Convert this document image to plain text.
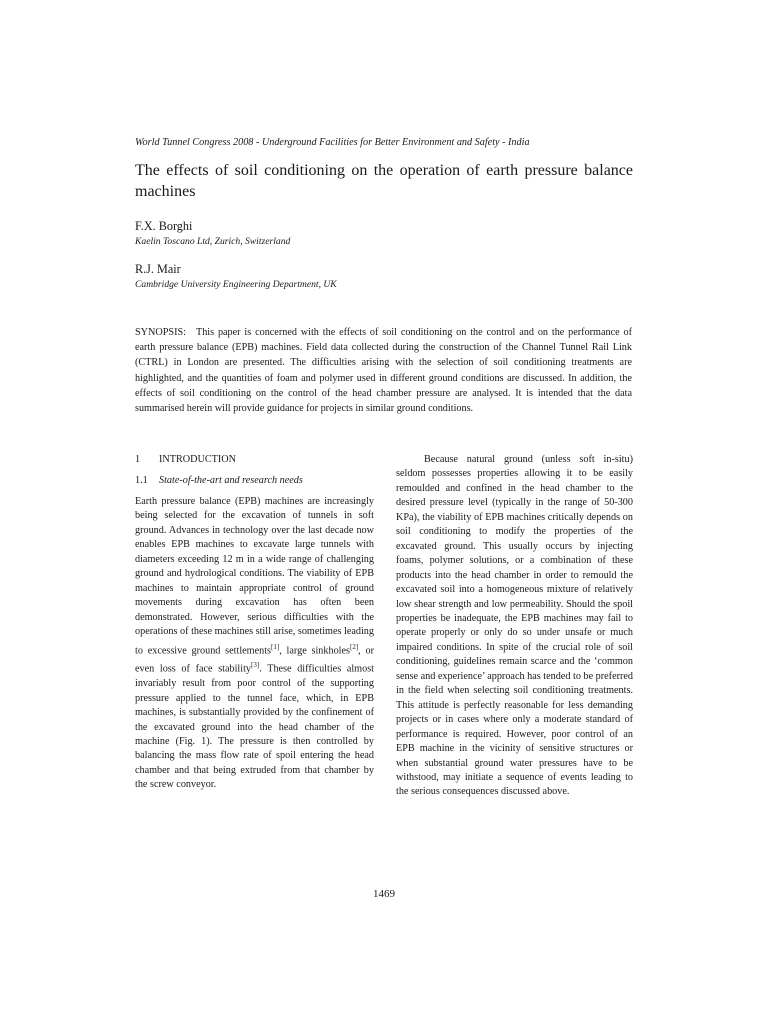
World Tunnel Congress 2008 - Underground Facilities for Better Environment and Safety - India
The effects of soil conditioning on the operation of earth pressure balance machines
F.X. Borghi
Kaelin Toscano Ltd, Zurich, Switzerland
R.J. Mair
Cambridge University Engineering Department, UK
SYNOPSIS: This paper is concerned with the effects of soil conditioning on the control and on the performance of earth pressure balance (EPB) machines. Field data collected during the construction of the Channel Tunnel Rail Link (CTRL) in London are presented. The difficulties arising with the selection of soil conditioning treatments are highlighted, and the quantities of foam and polymer used in different ground conditions are discussed. In addition, the effects of soil conditioning on the control of the head chamber pressure are analysed. It is intended that the data summarised herein will provide guidance for projects in similar ground conditions.
1 INTRODUCTION
1.1 State-of-the-art and research needs

Earth pressure balance (EPB) machines are increasingly being selected for the excavation of tunnels in soft ground. Advances in technology over the last decade now enables EPB machines to excavate large tunnels with diameters exceeding 12 m in a wide range of challenging ground and hydrological conditions. The viability of EPB machines to maintain appropriate control of ground movements during excavation has often been demonstrated. However, serious difficulties with the operations of these machines still arise, sometimes leading to excessive ground settlements[1], large sinkholes[2], or even loss of face stability[3]. These difficulties almost invariably result from poor control of the supporting pressure applied to the tunnel face, which, in EPB machines, is substantially provided by the confinement of the excavated ground into the head chamber of the machine (Fig. 1). The pressure is then controlled by balancing the mass flow rate of spoil entering the head chamber and that being extruded from that chamber by the screw conveyor.

Because natural ground (unless soft in-situ) seldom possesses properties allowing it to be easily remoulded and confined in the head chamber to the desired pressure level (typically in the range of 50-300 KPa), the viability of EPB machines critically depends on soil conditioning to modify the properties of the excavated ground. This usually occurs by injecting foams, polymer solutions, or a combination of these products into the head chamber in order to remould the excavated soil into a homogeneous mixture of relatively low shear strength and low permeability. Should the spoil properties be inadequate, the EPB machines may fail to operate properly or only do so under unsafe or much impaired conditions. In spite of the crucial role of soil conditioning, guidelines remain scarce and the ‘common sense and experience’ approach has tended to be preferred in the field when selecting soil conditioning treatments. This attitude is perfectly reasonable for less demanding projects or in cases where only a moderate standard of performance is required. However, poor control of an EPB machine in the vicinity of sensitive structures or when substantial ground water pressures have to be withstood, may initiate a sequence of events leading to the serious consequences discussed above.

1469
